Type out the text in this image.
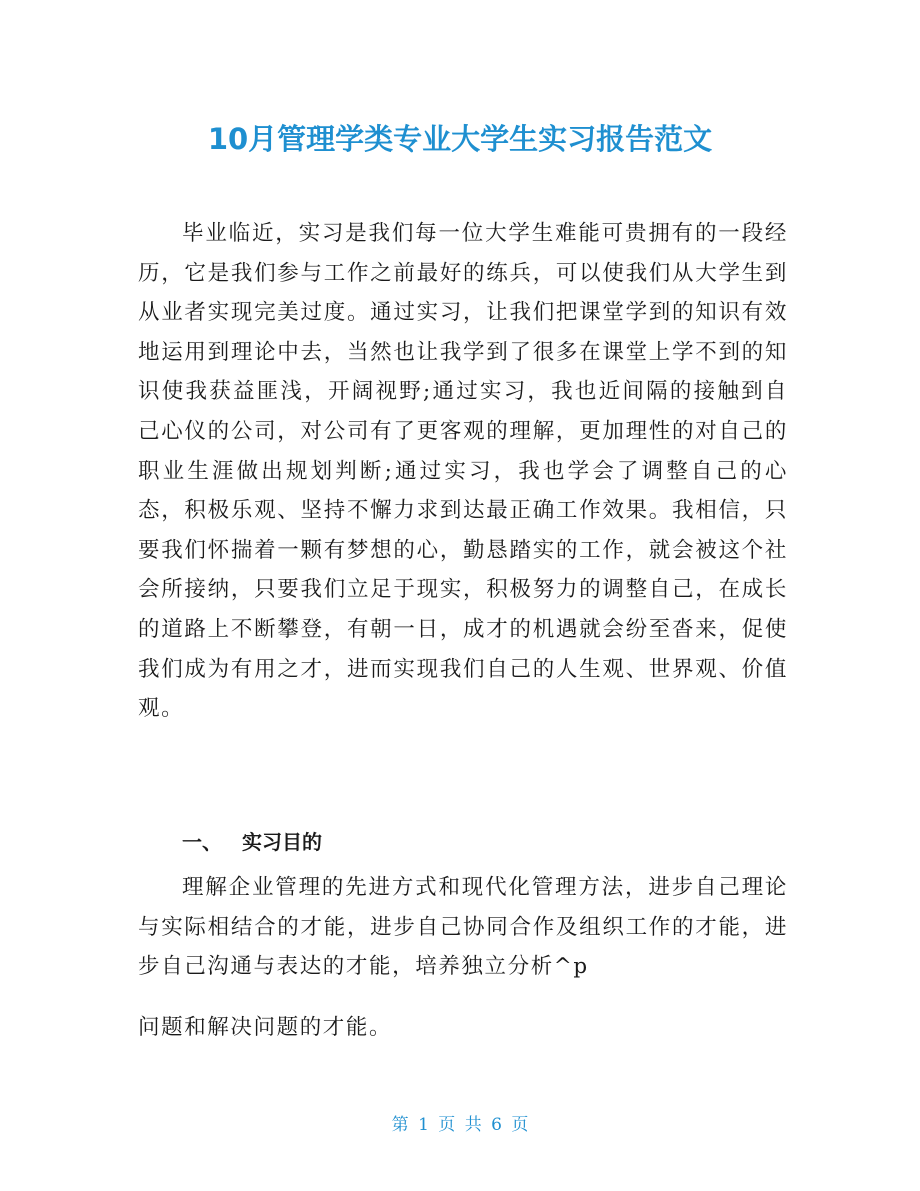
10月管理学类专业大学生实习报告范文

毕业临近，实习是我们每一位大学生难能可贵拥有的一段经历，它是我们参与工作之前最好的练兵，可以使我们从大学生到从业者实现完美过度。通过实习，让我们把课堂学到的知识有效地运用到理论中去，当然也让我学到了很多在课堂上学不到的知识使我获益匪浅，开阔视野;通过实习，我也近间隔的接触到自己心仪的公司，对公司有了更客观的理解，更加理性的对自己的职业生涯做出规划判断;通过实习，我也学会了调整自己的心态，积极乐观、坚持不懈力求到达最正确工作效果。我相信，只要我们怀揣着一颗有梦想的心，勤恳踏实的工作，就会被这个社会所接纳，只要我们立足于现实，积极努力的调整自己，在成长的道路上不断攀登，有朝一日，成才的机遇就会纷至沓来，促使我们成为有用之才，进而实现我们自己的人生观、世界观、价值观。

一、	实习目的

理解企业管理的先进方式和现代化管理方法，进步自己理论与实际相结合的才能，进步自己协同合作及组织工作的才能，进步自己沟通与表达的才能，培养独立分析^p

问题和解决问题的才能。

第 1 页 共 6 页
